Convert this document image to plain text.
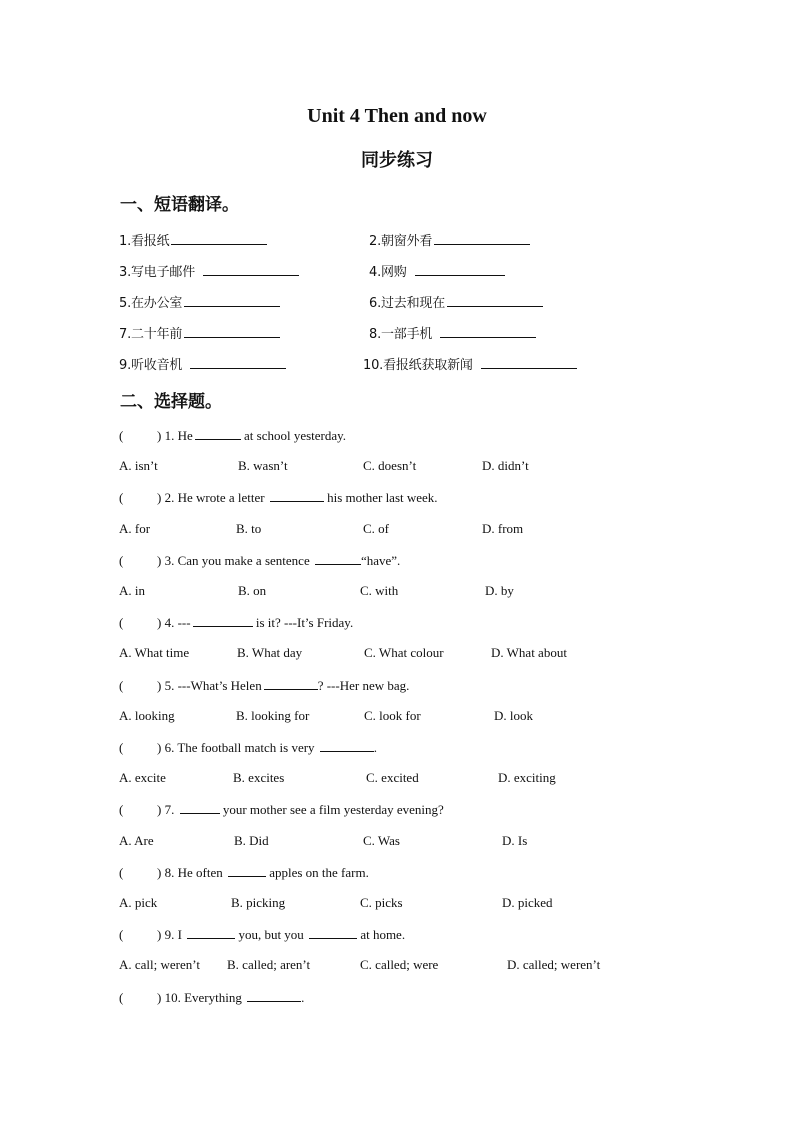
Unit 4 Then and now
同步练习
一、短语翻译。
1.看报纸	2.朝窗外看
3.写电子邮件	4.网购
5.在办公室	6.过去和现在
7.二十年前	8.一部手机
9.听收音机	10.看报纸获取新闻
二、选择题。
(	) 1. He	at school yesterday.
A. isn’t	B. wasn’t	C. doesn’t	D. didn’t
(	) 2. He wrote a letter	his mother last week.
A. for	B. to	C. of	D. from
(	) 3. Can you make a sentence	“have”.
A. in	B. on	C. with	D. by
(	) 4. ---	is it? ---It’s Friday.
A. What time	B. What day	C. What colour	D. What about
(	) 5. ---What’s Helen	? ---Her new bag.
A. looking	B. looking for	C. look for	D. look
(	) 6. The football match is very	.
A. excite	B. excites	C. excited	D. exciting
(	) 7.	your mother see a film yesterday evening?
A. Are	B. Did	C. Was	D. Is
(	) 8. He often	apples on the farm.
A. pick	B. picking	C. picks	D. picked
(	) 9. I	you, but you	at home.
A. call; weren’t B. called; aren’t	C. called; were	D. called; weren’t
(	) 10. Everything	.
